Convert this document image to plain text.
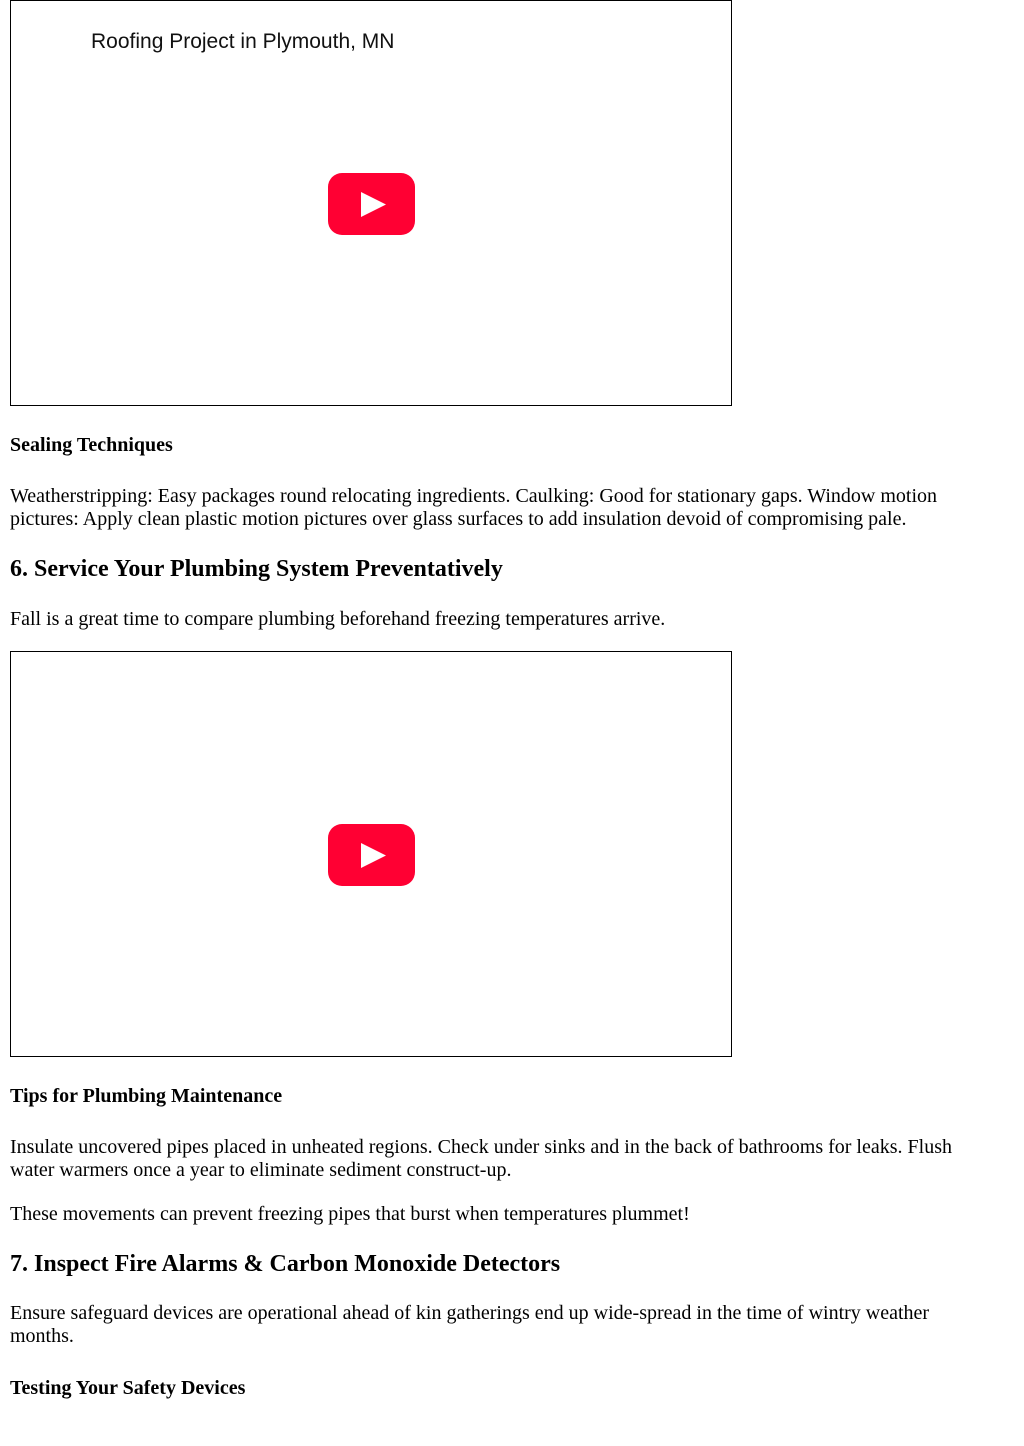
Roofing Project in Plymouth, MN
Sealing Techniques

Weatherstripping: Easy packages round relocating ingredients. Caulking: Good for stationary gaps. Window motion pictures: Apply clean plastic motion pictures over glass surfaces to add insulation devoid of compromising pale.

6. Service Your Plumbing System Preventatively

Fall is a great time to compare plumbing beforehand freezing temperatures arrive.

Tips for Plumbing Maintenance

Insulate uncovered pipes placed in unheated regions. Check under sinks and in the back of bathrooms for leaks. Flush water warmers once a year to eliminate sediment construct-up.

These movements can prevent freezing pipes that burst when temperatures plummet!

7. Inspect Fire Alarms & Carbon Monoxide Detectors

Ensure safeguard devices are operational ahead of kin gatherings end up wide-spread in the time of wintry weather months.

Testing Your Safety Devices
